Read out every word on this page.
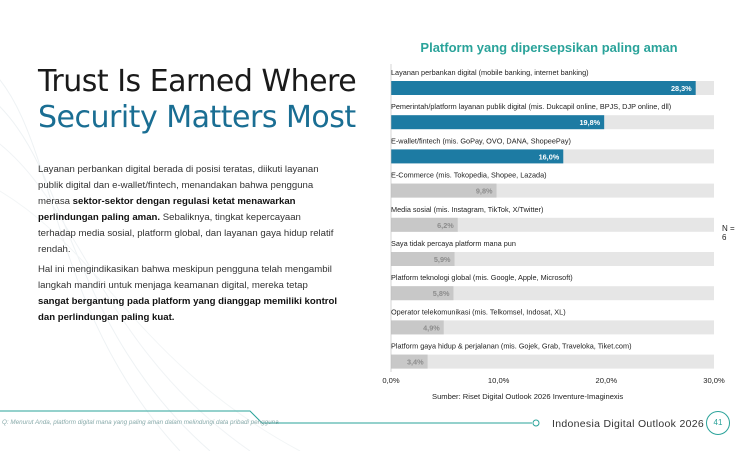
Trust Is Earned Where
Security Matters Most
Layanan perbankan digital berada di posisi teratas, diikuti layanan publik digital dan e-wallet/fintech, menandakan bahwa pengguna merasa sektor-sektor dengan regulasi ketat menawarkan perlindungan paling aman. Sebaliknya, tingkat kepercayaan terhadap media sosial, platform global, dan layanan gaya hidup relatif rendah.
Hal ini mengindikasikan bahwa meskipun pengguna telah mengambil langkah mandiri untuk menjaga keamanan digital, mereka tetap sangat bergantung pada platform yang dianggap memiliki kontrol dan perlindungan paling kuat.
Platform yang dipersepsikan paling aman
Layanan perbankan digital (mobile banking, internet banking)
28,3%
Pemerintah/platform layanan publik digital (mis. Dukcapil online, BPJS, DJP online, dll)
19,8%
E-wallet/fintech (mis. GoPay, OVO, DANA, ShopeePay)
16,0%
E-Commerce (mis. Tokopedia, Shopee, Lazada)
9,8%
Media sosial (mis. Instagram, TikTok, X/Twitter)
6,2%
Saya tidak percaya platform mana pun
5,9%
Platform teknologi global (mis. Google, Apple, Microsoft)
5,8%
Operator telekomunikasi (mis. Telkomsel, Indosat, XL)
4,9%
Platform gaya hidup & perjalanan (mis. Gojek, Grab, Traveloka, Tiket.com)
3,4%
0,0%	10,0%	20,0%	30,0%
N = 6
Sumber: Riset Digital Outlook 2026 Inventure-Imaginexis
Q: Menurut Anda, platform digital mana yang paling aman dalam melindungi data pribadi pengguna	Indonesia Digital Outlook 2026	41
